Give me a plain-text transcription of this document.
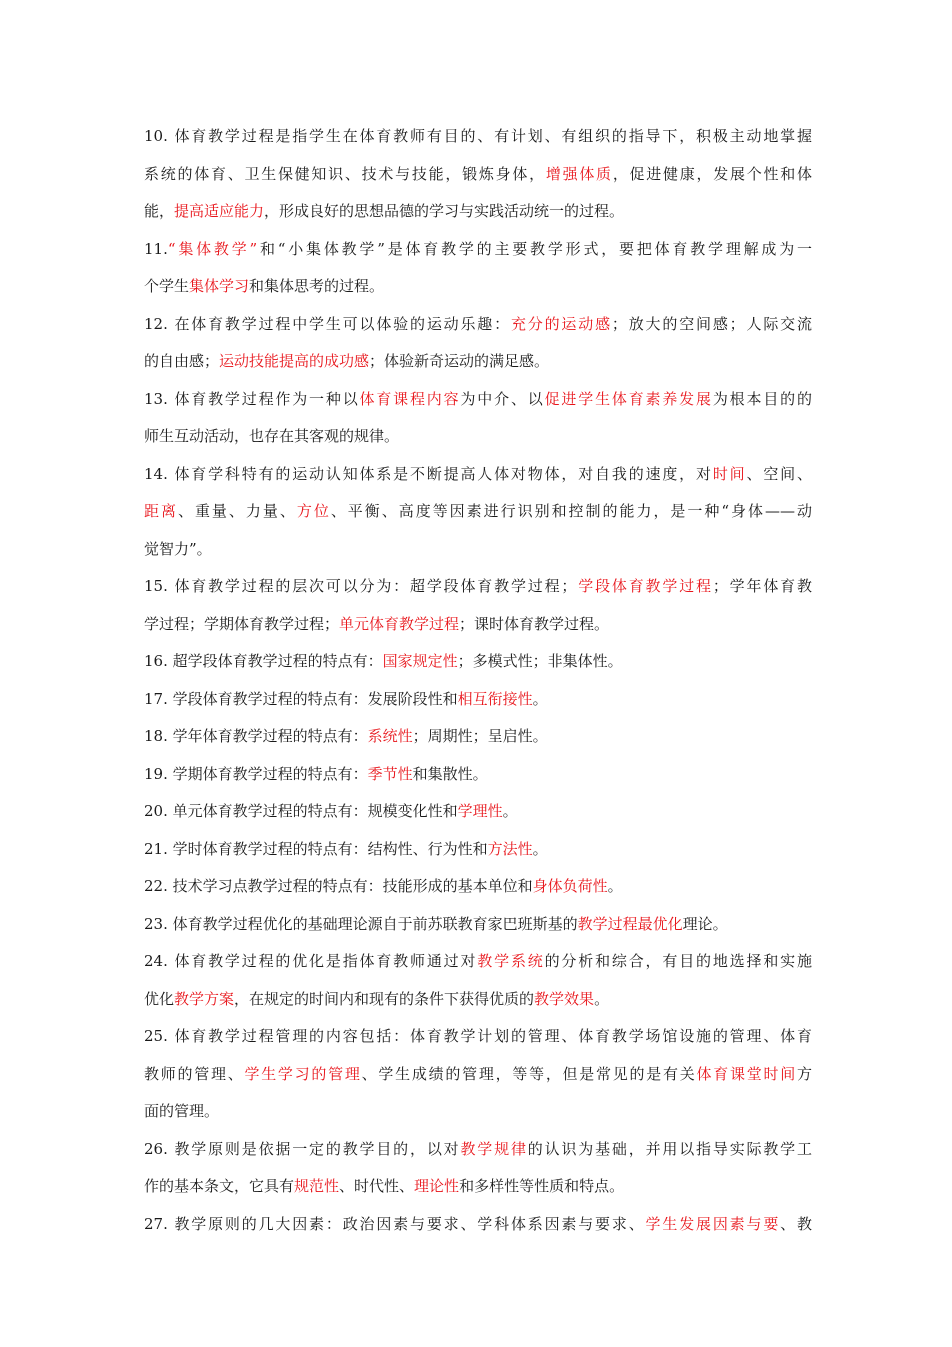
10. 体育教学过程是指学生在体育教师有目的、有计划、有组织的指导下，积极主动地掌握
系统的体育、卫生保健知识、技术与技能，锻炼身体，增强体质，促进健康，发展个性和体
能，提高适应能力，形成良好的思想品德的学习与实践活动统一的过程。
11.“集体教学”和“小集体教学”是体育教学的主要教学形式，要把体育教学理解成为一
个学生集体学习和集体思考的过程。
12. 在体育教学过程中学生可以体验的运动乐趣：充分的运动感；放大的空间感；人际交流
的自由感；运动技能提高的成功感；体验新奇运动的满足感。
13. 体育教学过程作为一种以体育课程内容为中介、以促进学生体育素养发展为根本目的的
师生互动活动，也存在其客观的规律。
14. 体育学科特有的运动认知体系是不断提高人体对物体，对自我的速度，对时间、空间、
距离、重量、力量、方位、平衡、高度等因素进行识别和控制的能力，是一种“身体——动
觉智力”。
15. 体育教学过程的层次可以分为：超学段体育教学过程；学段体育教学过程；学年体育教
学过程；学期体育教学过程；单元体育教学过程；课时体育教学过程。
16. 超学段体育教学过程的特点有：国家规定性；多模式性；非集体性。
17. 学段体育教学过程的特点有：发展阶段性和相互衔接性。
18. 学年体育教学过程的特点有：系统性；周期性；呈启性。
19. 学期体育教学过程的特点有：季节性和集散性。
20. 单元体育教学过程的特点有：规模变化性和学理性。
21. 学时体育教学过程的特点有：结构性、行为性和方法性。
22. 技术学习点教学过程的特点有：技能形成的基本单位和身体负荷性。
23. 体育教学过程优化的基础理论源自于前苏联教育家巴班斯基的教学过程最优化理论。
24. 体育教学过程的优化是指体育教师通过对教学系统的分析和综合，有目的地选择和实施
优化教学方案，在规定的时间内和现有的条件下获得优质的教学效果。
25. 体育教学过程管理的内容包括：体育教学计划的管理、体育教学场馆设施的管理、体育
教师的管理、学生学习的管理、学生成绩的管理，等等，但是常见的是有关体育课堂时间方
面的管理。
26. 教学原则是依据一定的教学目的，以对教学规律的认识为基础，并用以指导实际教学工
作的基本条文，它具有规范性、时代性、理论性和多样性等性质和特点。
27. 教学原则的几大因素：政治因素与要求、学科体系因素与要求、学生发展因素与要、教
